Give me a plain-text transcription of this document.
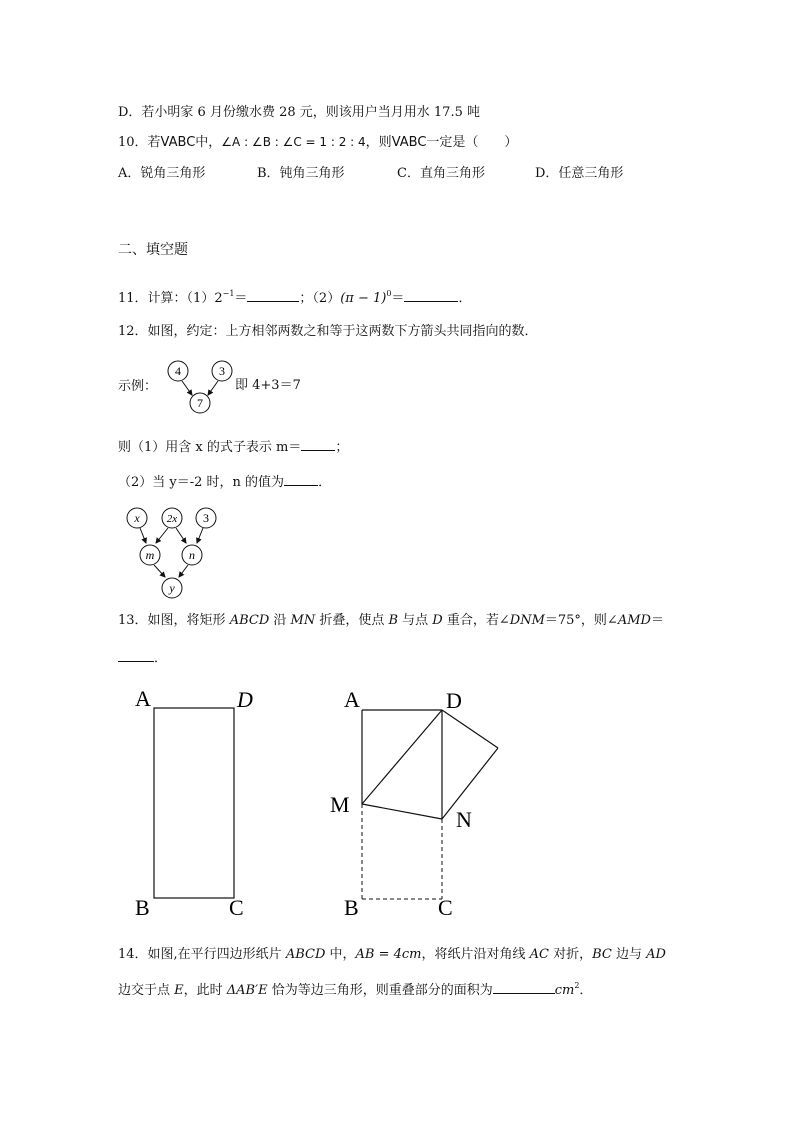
D．若小明家 6 月份缴水费 28 元，则该用户当月用水 17.5 吨
10．若VABC中，∠A : ∠B : ∠C = 1 : 2 : 4，则VABC一定是（　　）
A．锐角三角形	B．钝角三角形	C．直角三角形	D．任意三角形
二、填空题
11．计算：$(1)2^{-1}=$	；$(2)(\pi - 1)^0=$	．
12．如图，约定：上方相邻两数之和等于这两数下方箭头共同指向的数．
示例：
4	3
7
即 4+3＝7
则（1）用含 x 的式子表示 m＝	；
（2）当 y＝-2 时，n 的值为	．
x 2x 3
m	n
y
13．如图，将矩形 ABCD 沿 MN 折叠，使点 B 与点 D 重合，若∠DNM＝75°，则∠AMD＝
．
A	D
B	C
A	D
M
N
B	C
14．如图,在平行四边形纸片 ABCD 中，AB = 4cm，将纸片沿对角线 AC 对折，BC 边与 AD
边交于点 E，此时 ΔAB′E 恰为等边三角形，则重叠部分的面积为	$cm^2$．
